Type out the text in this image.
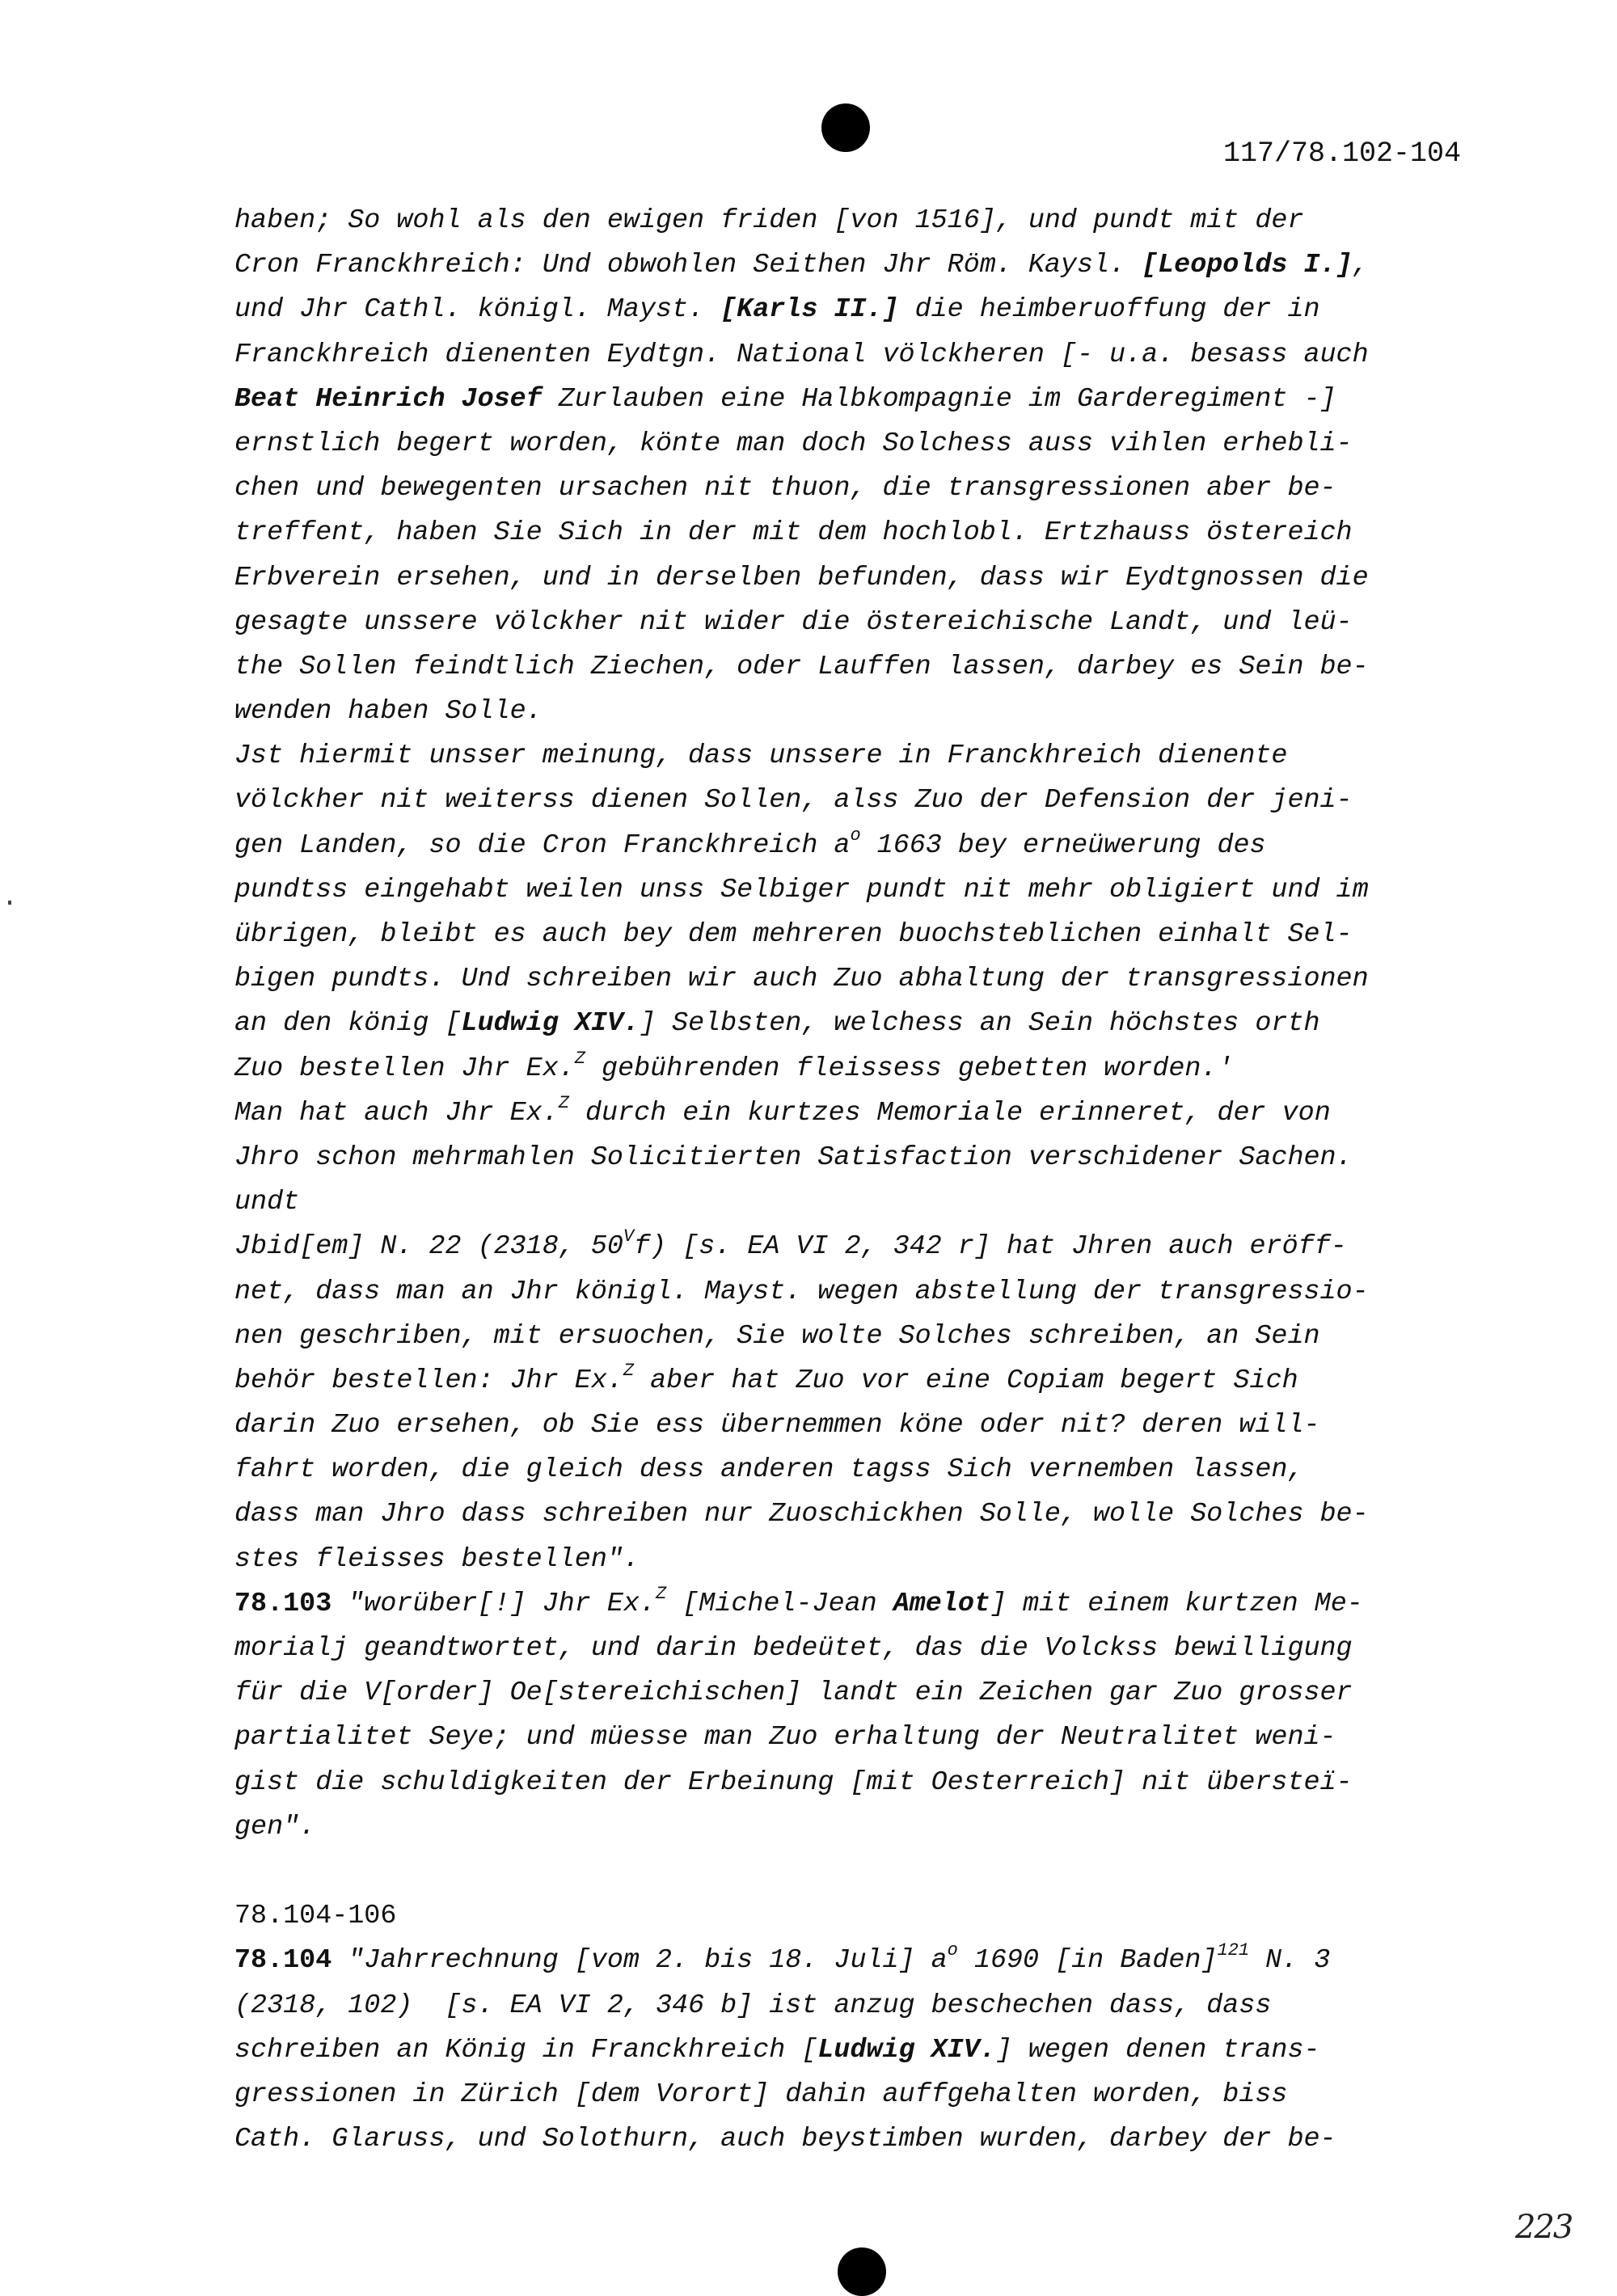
117/78.102-104
haben; So wohl als den ewigen friden [von 1516], und pundt mit der
Cron Franckhreich: Und obwohlen Seithen Jhr Röm. Kaysl. [Leopolds I.],
und Jhr Cathl. königl. Mayst. [Karls II.] die heimberuoffung der in
Franckhreich dienenten Eydtgn. National völckheren [- u.a. besass auch
Beat Heinrich Josef Zurlauben eine Halbkompagnie im Garderegiment -]
ernstlich begert worden, könte man doch Solchess auss vihlen erhebli-
chen und bewegenten ursachen nit thuon, die transgressionen aber be-
treffent, haben Sie Sich in der mit dem hochlobl. Ertzhauss östereich
Erbverein ersehen, und in derselben befunden, dass wir Eydtgnossen die
gesagte unssere völckher nit wider die östereichische Landt, und leü-
the Sollen feindtlich Ziechen, oder Lauffen lassen, darbey es Sein be-
wenden haben Solle.
Jst hiermit unsser meinung, dass unssere in Franckhreich dienente
völckher nit weiterss dienen Sollen, alss Zuo der Defension der jeni-
gen Landen, so die Cron Franckhreich $a^o$ 1663 bey erneüwerung des
pundtss eingehabt weilen unss Selbiger pundt nit mehr obligiert und im
übrigen, bleibt es auch bey dem mehreren buochsteblichen einhalt Sel-
bigen pundts. Und schreiben wir auch Zuo abhaltung der transgressionen
an den könig [Ludwig XIV.] Selbsten, welchess an Sein höchstes orth
Zuo bestellen Jhr Ex.$^Z$ gebührenden fleissess gebetten worden.'
Man hat auch Jhr Ex.$^Z$ durch ein kurtzes Memoriale erinneret, der von
Jhro schon mehrmahlen Solicitierten Satisfaction verschidener Sachen.
undt
Jbid[em] N. 22 (2318, $50^Vf$) [s. EA VI 2, 342 r] hat Jhren auch eröff-
net, dass man an Jhr königl. Mayst. wegen abstellung der transgressio-
nen geschriben, mit ersuochen, Sie wolte Solches schreiben, an Sein
behör bestellen: Jhr Ex.$^Z$ aber hat Zuo vor eine Copiam begert Sich
darin Zuo ersehen, ob Sie ess übernemmen köne oder nit? deren will-
fahrt worden, die gleich dess anderen tagss Sich vernemben lassen,
dass man Jhro dass schreiben nur Zuoschickhen Solle, wolle Solches be-
stes fleisses bestellen".
78.103 "worüber[!] Jhr Ex.$^Z$ [Michel-Jean Amelot] mit einem kurtzen Me-
morialj geandtwortet, und darin bedeütet, das die Volckss bewilligung
für die V[order] Oe[stereichischen] landt ein Zeichen gar Zuo grosser
partialitet Seye; und müesse man Zuo erhaltung der Neutralitet weni-
gist die schuldigkeiten der Erbeinung [mit Oesterreich] nit übersteï-
gen".
78.104-106
78.104 "Jahrrechnung [vom 2. bis 18. Juli] $a^o$ 1690 [in Baden]$^{121}$ N. 3
(2318, 102)  [s. EA VI 2, 346 b] ist anzug beschechen dass, dass
schreiben an König in Franckhreich [Ludwig XIV.] wegen denen trans-
gressionen in Zürich [dem Vorort] dahin auffgehalten worden, biss
Cath. Glaruss, und Solothurn, auch beystimben wurden, darbey der be-
223
